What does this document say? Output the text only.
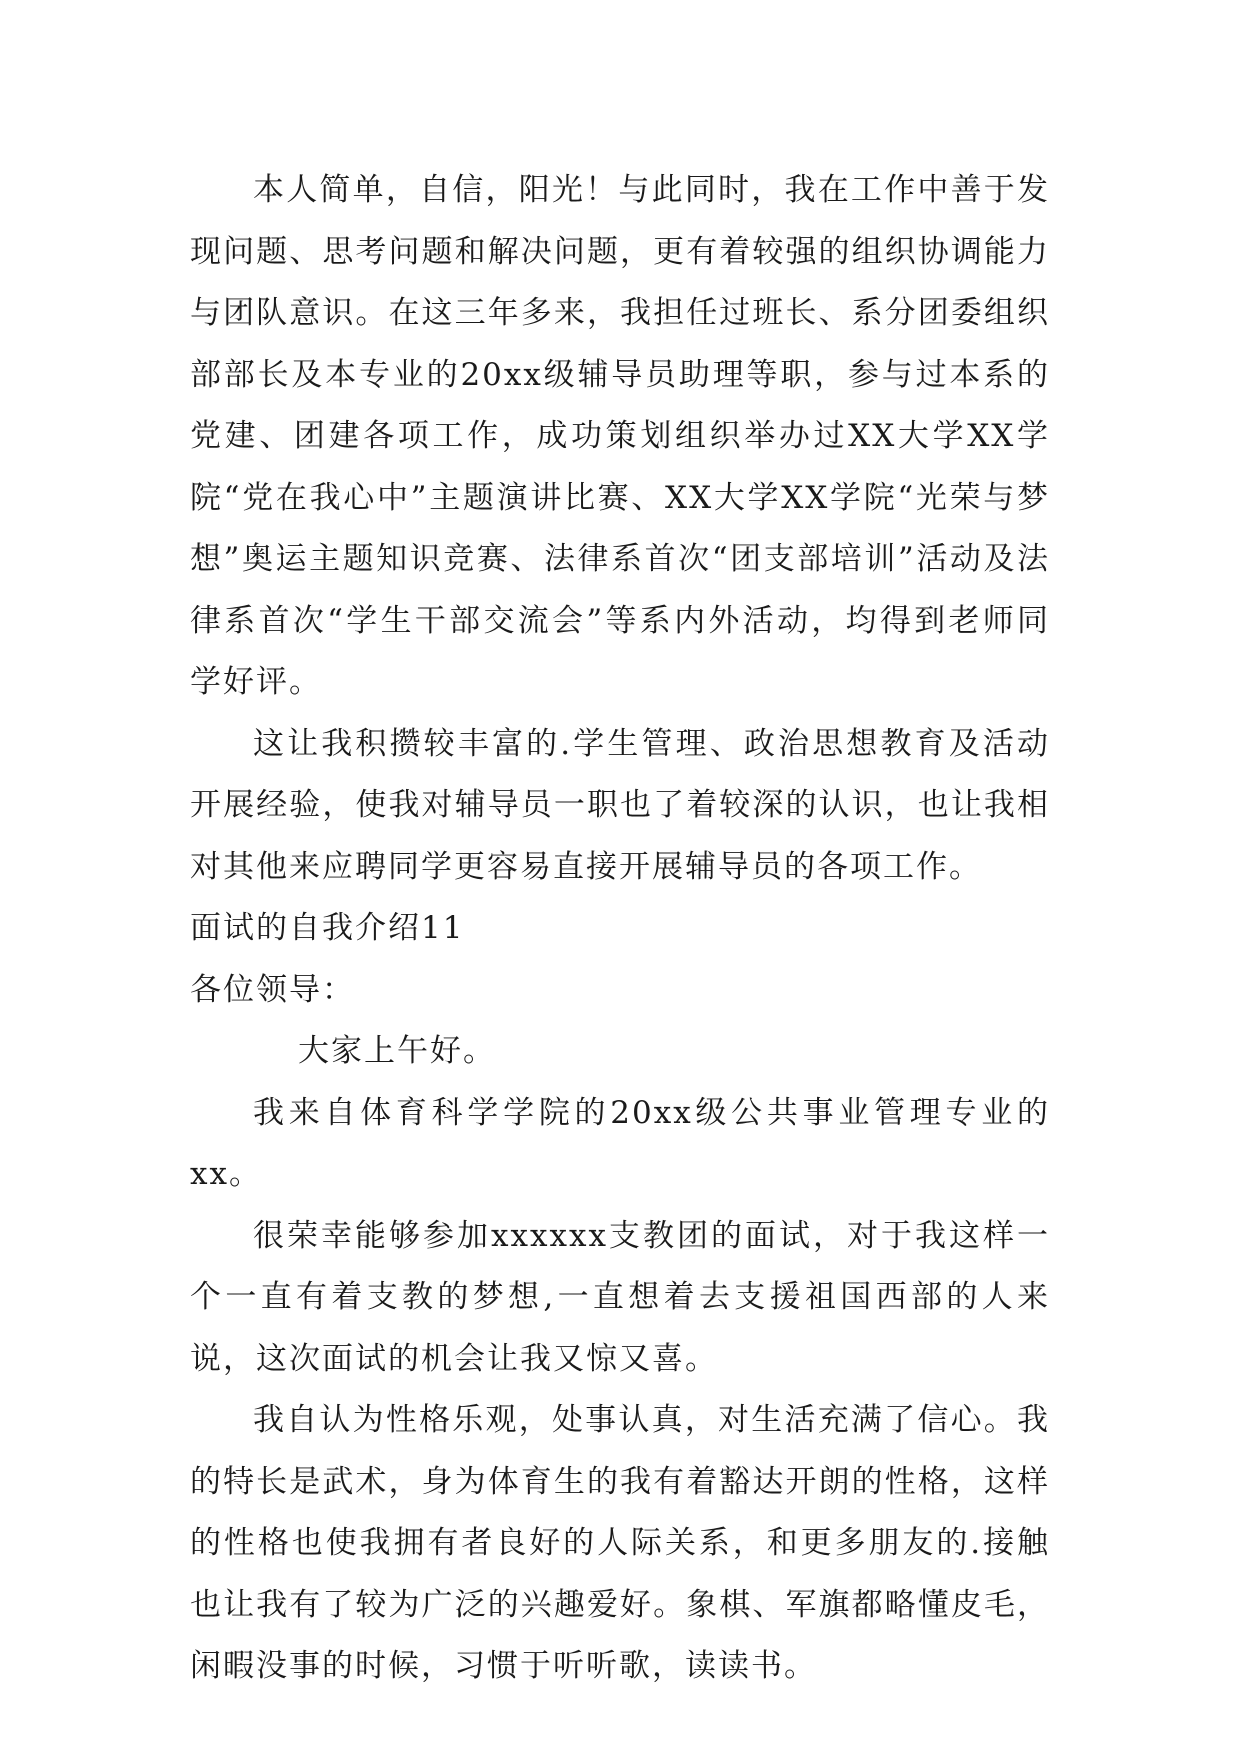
本人简单，自信，阳光！与此同时，我在工作中善于发现问题、思考问题和解决问题，更有着较强的组织协调能力与团队意识。在这三年多来，我担任过班长、系分团委组织部部长及本专业的20xx级辅导员助理等职，参与过本系的党建、团建各项工作，成功策划组织举办过XX大学XX学院“党在我心中”主题演讲比赛、XX大学XX学院“光荣与梦想”奥运主题知识竞赛、法律系首次“团支部培训”活动及法律系首次“学生干部交流会”等系内外活动，均得到老师同学好评。

这让我积攒较丰富的.学生管理、政治思想教育及活动开展经验，使我对辅导员一职也了着较深的认识，也让我相对其他来应聘同学更容易直接开展辅导员的各项工作。

面试的自我介绍11

各位领导：

大家上午好。

我来自体育科学学院的20xx级公共事业管理专业的xx。

很荣幸能够参加xxxxxx支教团的面试，对于我这样一个一直有着支教的梦想,一直想着去支援祖国西部的人来说，这次面试的机会让我又惊又喜。

我自认为性格乐观，处事认真，对生活充满了信心。我的特长是武术，身为体育生的我有着豁达开朗的性格，这样的性格也使我拥有者良好的人际关系，和更多朋友的.接触也让我有了较为广泛的兴趣爱好。象棋、军旗都略懂皮毛，闲暇没事的时候，习惯于听听歌，读读书。
